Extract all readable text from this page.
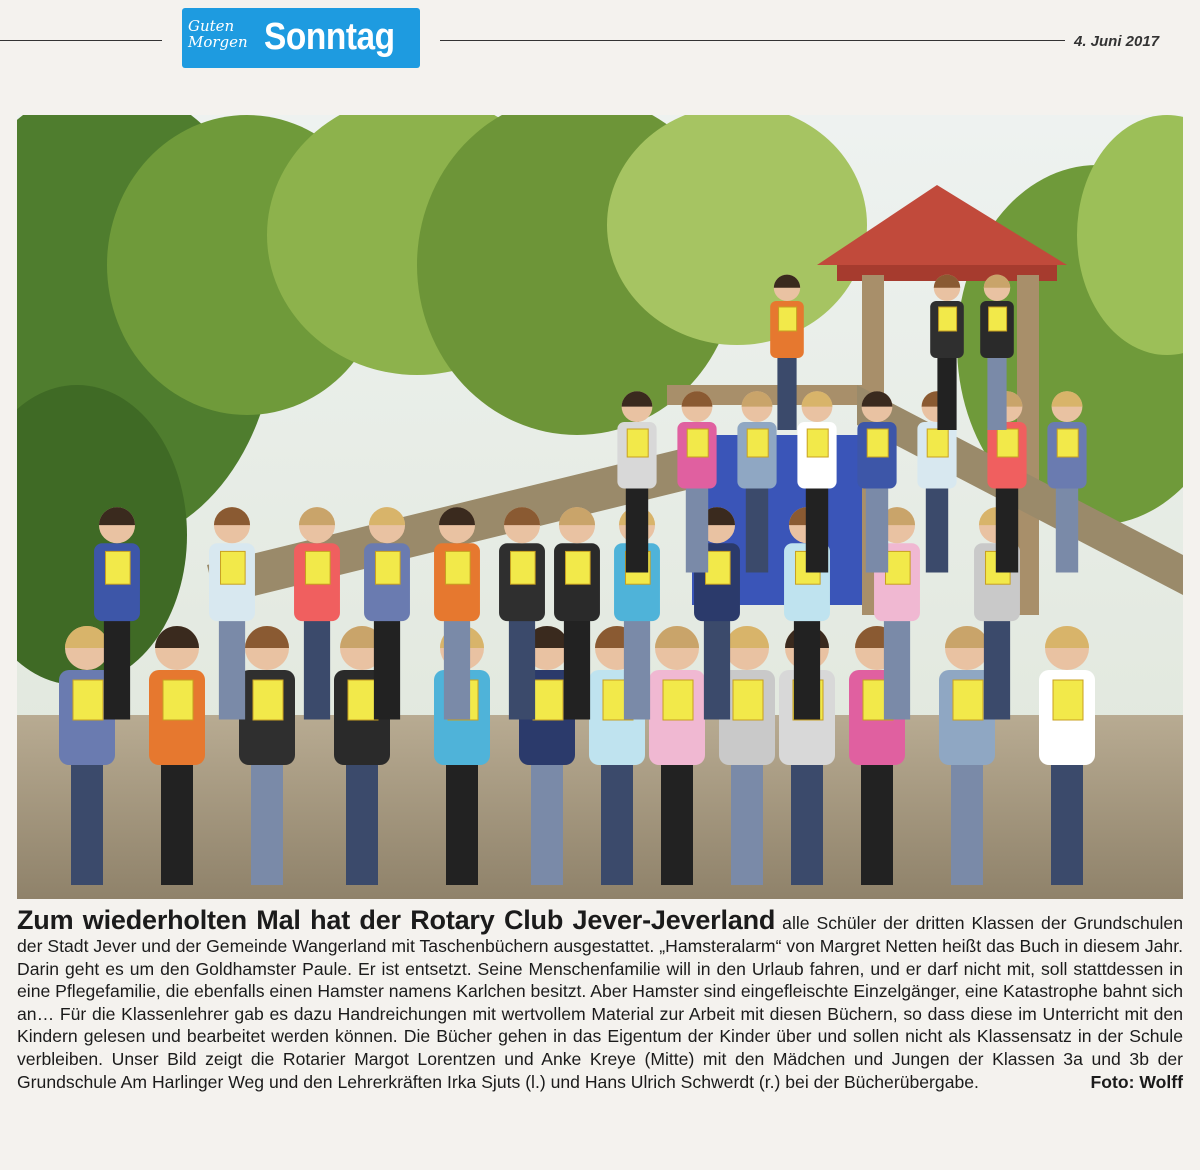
Guten Morgen Sonntag	4. Juni 2017
Zum wiederholten Mal hat der Rotary Club Jever-Jeverland alle Schüler der dritten Klassen der Grundschulen der Stadt Jever und der Gemeinde Wangerland mit Taschenbüchern ausgestattet. „Hamsteralarm“ von Margret Netten heißt das Buch in diesem Jahr. Darin geht es um den Goldhamster Paule. Er ist entsetzt. Seine Menschenfamilie will in den Urlaub fahren, und er darf nicht mit, soll stattdessen in eine Pflegefamilie, die ebenfalls einen Hamster namens Karlchen besitzt. Aber Hamster sind eingefleischte Einzelgänger, eine Katastrophe bahnt sich an… Für die Klassenlehrer gab es dazu Handreichungen mit wertvollem Material zur Arbeit mit diesen Büchern, so dass diese im Unterricht mit den Kindern gelesen und bearbeitet werden können. Die Bücher gehen in das Eigentum der Kinder über und sollen nicht als Klassensatz in der Schule verbleiben. Unser Bild zeigt die Rotarier Margot Lorentzen und Anke Kreye (Mitte) mit den Mädchen und Jungen der Klassen 3a und 3b der Grundschule Am Harlinger Weg und den Lehrerkräften Irka Sjuts (l.) und Hans Ulrich Schwerdt (r.) bei der Bücherübergabe.	Foto: Wolff
